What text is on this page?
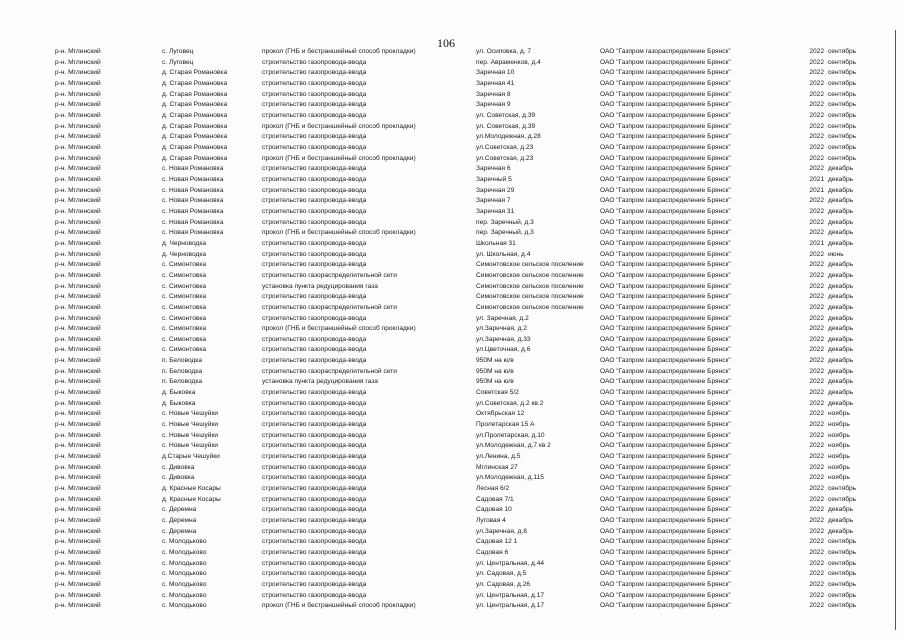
106
р-н. Мглинский	с. Луговец	прокол (ГНБ и бестраншейный способ прокладки)	ул. Осиповка, д. 7	ОАО "Газпром газораспределение Брянск"	2022 сентябрь
р-н. Мглинский	с. Луговец	строительство газопровода-ввода	пер. Авраменков, д.4	ОАО "Газпром газораспределение Брянск"	2022 сентябрь
р-н. Мглинский	д. Старая Романовка	строительство газопровода-ввода	Заречная 10	ОАО "Газпром газораспределение Брянск"	2022 сентябрь
р-н. Мглинский	д. Старая Романовка	строительство газопровода-ввода	Заречная 41	ОАО "Газпром газораспределение Брянск"	2022 сентябрь
р-н. Мглинский	д. Старая Романовка	строительство газопровода-ввода	Заречная 8	ОАО "Газпром газораспределение Брянск"	2022 сентябрь
р-н. Мглинский	д. Старая Романовка	строительство газопровода-ввода	Заречная 9	ОАО "Газпром газораспределение Брянск"	2022 сентябрь
р-н. Мглинский	д. Старая Романовка	строительство газопровода-ввода	ул. Советская, д.39	ОАО "Газпром газораспределение Брянск"	2022 сентябрь
р-н. Мглинский	д. Старая Романовка	прокол (ГНБ и бестраншейный способ прокладки)	ул. Советская, д.39	ОАО "Газпром газораспределение Брянск"	2022 сентябрь
р-н. Мглинский	д. Старая Романовка	строительство газопровода-ввода	ул.Молодежная, д.28	ОАО "Газпром газораспределение Брянск"	2022 сентябрь
р-н. Мглинский	д. Старая Романовка	строительство газопровода-ввода	ул.Советская, д.23	ОАО "Газпром газораспределение Брянск"	2022 сентябрь
р-н. Мглинский	д. Старая Романовка	прокол (ГНБ и бестраншейный способ прокладки)	ул.Советская, д.23	ОАО "Газпром газораспределение Брянск"	2022 сентябрь
р-н. Мглинский	с. Новая Романовка	строительство газопровода-ввода	Заречная 6	ОАО "Газпром газораспределение Брянск"	2022 декабрь
р-н. Мглинский	с. Новая Романовка	строительство газопровода-ввода	Заречный 5	ОАО "Газпром газораспределение Брянск"	2021 декабрь
р-н. Мглинский	с. Новая Романовка	строительство газопровода-ввода	Заречная 29	ОАО "Газпром газораспределение Брянск"	2021 декабрь
р-н. Мглинский	с. Новая Романовка	строительство газопровода-ввода	Заречная 7	ОАО "Газпром газораспределение Брянск"	2022 декабрь
р-н. Мглинский	с. Новая Романовка	строительство газопровода-ввода	Заречная 31	ОАО "Газпром газораспределение Брянск"	2022 декабрь
р-н. Мглинский	с. Новая Романовка	строительство газопровода-ввода	пер. Заречный, д.3	ОАО "Газпром газораспределение Брянск"	2022 декабрь
р-н. Мглинский	с. Новая Романовка	прокол (ГНБ и бестраншейный способ прокладки)	пер. Заречный, д.3	ОАО "Газпром газораспределение Брянск"	2022 декабрь
р-н. Мглинский	д. Черноводка	строительство газопровода-ввода	Школьная 31	ОАО "Газпром газораспределение Брянск"	2021 декабрь
р-н. Мглинский	д. Черноводка	строительство газопровода-ввода	ул. Школьная, д.4	ОАО "Газпром газораспределение Брянск"	2022 июнь
р-н. Мглинский	с. Симонтовка	строительство газопровода-ввода	Симонтовское сельское поселение	ОАО "Газпром газораспределение Брянск"	2022 декабрь
р-н. Мглинский	с. Симонтовка	строительство газораспределительной сети	Симонтовское сельское поселение	ОАО "Газпром газораспределение Брянск"	2022 декабрь
р-н. Мглинский	с. Симонтовка	установка пункта редуцирования газа	Симонтовское сельское поселение	ОАО "Газпром газораспределение Брянск"	2022 декабрь
р-н. Мглинский	с. Симонтовка	строительство газопровода-ввода	Симонтовское сельское поселение	ОАО "Газпром газораспределение Брянск"	2022 декабрь
р-н. Мглинский	с. Симонтовка	строительство газораспределительной сети	Симонтовское сельское поселение	ОАО "Газпром газораспределение Брянск"	2022 декабрь
р-н. Мглинский	с. Симонтовка	строительство газопровода-ввода	ул. Заречная, д.2	ОАО "Газпром газораспределение Брянск"	2022 декабрь
р-н. Мглинский	с. Симонтовка	прокол (ГНБ и бестраншейный способ прокладки)	ул.Заречная, д.2	ОАО "Газпром газораспределение Брянск"	2022 декабрь
р-н. Мглинский	с. Симонтовка	строительство газопровода-ввода	ул.Заречная, д.33	ОАО "Газпром газораспределение Брянск"	2022 декабрь
р-н. Мглинский	с. Симонтовка	строительство газопровода-ввода	ул.Цветочная, д.6	ОАО "Газпром газораспределение Брянск"	2022 декабрь
р-н. Мглинский	п. Беловодка	строительство газопровода-ввода	950М на ю/в	ОАО "Газпром газораспределение Брянск"	2022 декабрь
р-н. Мглинский	п. Беловодка	строительство газораспределительной сети	950М на ю/в	ОАО "Газпром газораспределение Брянск"	2022 декабрь
р-н. Мглинский	п. Беловодка	установка пункта редуцирования газа	950М на ю/в	ОАО "Газпром газораспределение Брянск"	2022 декабрь
р-н. Мглинский	д. Быковка	строительство газопровода-ввода	Советская 5/2	ОАО "Газпром газораспределение Брянск"	2022 декабрь
р-н. Мглинский	д. Быковка	строительство газопровода-ввода	ул.Советская, д.2 кв.2	ОАО "Газпром газораспределение Брянск"	2022 декабрь
р-н. Мглинский	с. Новые Чешуйки	строительство газопровода-ввода	Октябрьская 12	ОАО "Газпром газораспределение Брянск"	2022 ноябрь
р-н. Мглинский	с. Новые Чешуйки	строительство газопровода-ввода	Пролетарская 15 А	ОАО "Газпром газораспределение Брянск"	2022 ноябрь
р-н. Мглинский	с. Новые Чешуйки	строительство газопровода-ввода	ул.Пролетарская, д.10	ОАО "Газпром газораспределение Брянск"	2022 ноябрь
р-н. Мглинский	с. Новые Чешуйки	строительство газопровода-ввода	ул.Молодежная, д.7 кв 2	ОАО "Газпром газораспределение Брянск"	2022 ноябрь
р-н. Мглинский	д.Старые Чешуйки	строительство газопровода-ввода	ул.Ленина, д.5	ОАО "Газпром газораспределение Брянск"	2022 ноябрь
р-н. Мглинский	с. Дивовка	строительство газопровода-ввода	Мглинская 27	ОАО "Газпром газораспределение Брянск"	2022 ноябрь
р-н. Мглинский	с. Дивовка	строительство газопровода-ввода	ул.Молодежная, д.115	ОАО "Газпром газораспределение Брянск"	2022 ноябрь
р-н. Мглинский	д. Красные Косары	строительство газопровода-ввода	Лесная 6/2	ОАО "Газпром газораспределение Брянск"	2022 сентябрь
р-н. Мглинский	д. Красные Косары	строительство газопровода-ввода	Садовая 7/1	ОАО "Газпром газораспределение Брянск"	2022 сентябрь
р-н. Мглинский	с. Деремна	строительство газопровода-ввода	Садовая 10	ОАО "Газпром газораспределение Брянск"	2022 декабрь
р-н. Мглинский	с. Деремна	строительство газопровода-ввода	Луговая 4	ОАО "Газпром газораспределение Брянск"	2022 декабрь
р-н. Мглинский	с. Деремна	строительство газопровода-ввода	ул.Заречная, д.8	ОАО "Газпром газораспределение Брянск"	2022 декабрь
р-н. Мглинский	с. Молодьково	строительство газопровода-ввода	Садовая 12 1	ОАО "Газпром газораспределение Брянск"	2022 сентябрь
р-н. Мглинский	с. Молодьково	строительство газопровода-ввода	Садовая 6	ОАО "Газпром газораспределение Брянск"	2022 сентябрь
р-н. Мглинский	с. Молодьково	строительство газопровода-ввода	ул. Центральная, д.44	ОАО "Газпром газораспределение Брянск"	2022 сентябрь
р-н. Мглинский	с. Молодьково	строительство газопровода-ввода	ул. Садовая, д.5	ОАО "Газпром газораспределение Брянск"	2022 сентябрь
р-н. Мглинский	с. Молодьково	строительство газопровода-ввода	ул. Садовая, д.26	ОАО "Газпром газораспределение Брянск"	2022 сентябрь
р-н. Мглинский	с. Молодьково	строительство газопровода-ввода	ул. Центральная, д.17	ОАО "Газпром газораспределение Брянск"	2022 сентябрь
р-н. Мглинский	с. Молодьково	прокол (ГНБ и бестраншейный способ прокладки)	ул. Центральная, д.17	ОАО "Газпром газораспределение Брянск"	2022 сентябрь
